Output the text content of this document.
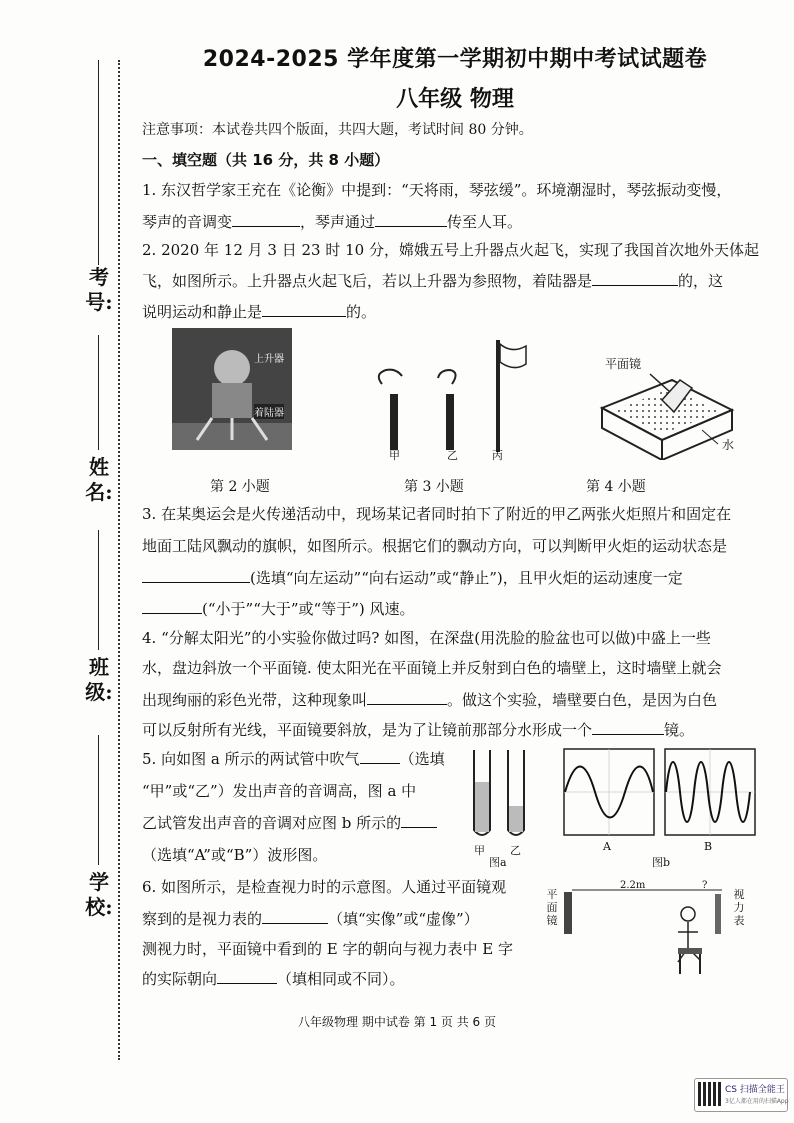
考号:
姓名:
班级:
学校:
2024-2025 学年度第一学期初中期中考试试题卷
八年级 物理
注意事项：本试卷共四个版面，共四大题，考试时间 80 分钟。
一、填空题（共 16 分，共 8 小题）
1. 东汉哲学家王充在《论衡》中提到：“天将雨，琴弦缓”。环境潮湿时，琴弦振动变慢，
琴声的音调变	，琴声通过	传至人耳。
2. 2020 年 12 月 3 日 23 时 10 分，嫦娥五号上升器点火起飞，实现了我国首次地外天体起
飞，如图所示。上升器点火起飞后，若以上升器为参照物，着陆器是	的，这
说明运动和静止是	的。
上升器
着陆器
甲	乙	丙
平面镜
水
第 2 小题	第 3 小题	第 4 小题
3. 在某奥运会是火传递活动中，现场某记者同时拍下了附近的甲乙两张火炬照片和固定在
地面工陆风飘动的旗帜，如图所示。根据它们的飘动方向，可以判断甲火炬的运动状态是
(选填“向左运动”“向右运动”或“静止”)，且甲火炬的运动速度一定
(“小于”“大于”或“等于”) 风速。
4. “分解太阳光”的小实验你做过吗? 如图，在深盘(用洗脸的脸盆也可以做)中盛上一些
水，盘边斜放一个平面镜. 使太阳光在平面镜上并反射到白色的墙壁上，这时墙壁上就会
出现绚丽的彩色光带，这种现象叫	。做这个实验，墙壁要白色，是因为白色
可以反射所有光线，平面镜要斜放，是为了让镜前那部分水形成一个	镜。
5. 向如图 a 所示的两试管中吹气	（选填
“甲”或“乙”）发出声音的音调高，图 a 中
乙试管发出声音的音调对应图 b 所示的
（选填“A”或“B”）波形图。	甲 乙
图a
A	B
图b
6. 如图所示，是检查视力时的示意图。人通过平面镜观
察到的是视力表的	（填“实像”或“虚像”）
测视力时，平面镜中看到的 E 字的朝向与视力表中 E 字
的实际朝向	（填相同或不同）。
平面镜
2.2m	?
视力表
八年级物理 期中试卷 第 1 页 共 6 页
CS 扫描全能王
3亿人都在用的扫描App
